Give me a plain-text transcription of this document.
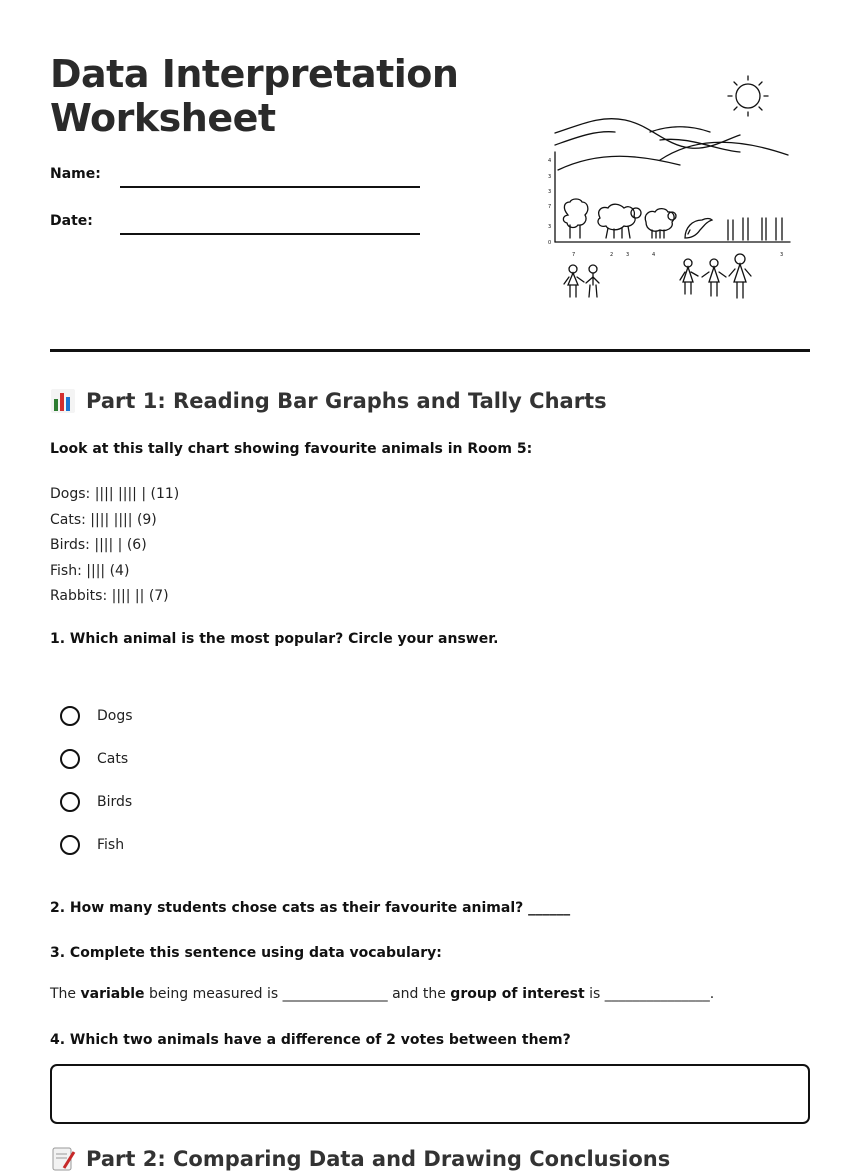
Data Interpretation
Worksheet
Name:
Date:
4
3
3
7
3
0
7	2	3	4	3
Part 1: Reading Bar Graphs and Tally Charts
Look at this tally chart showing favourite animals in Room 5:
Dogs: |||| |||| | (11)
Cats: |||| |||| (9)
Birds: |||| | (6)
Fish: |||| (4)
Rabbits: |||| || (7)
1. Which animal is the most popular? Circle your answer.
Dogs
Cats
Birds
Fish
2. How many students chose cats as their favourite animal? ______
3. Complete this sentence using data vocabulary:
The variable being measured is _______________ and the group of interest is _______________.
4. Which two animals have a difference of 2 votes between them?
Part 2: Comparing Data and Drawing Conclusions
